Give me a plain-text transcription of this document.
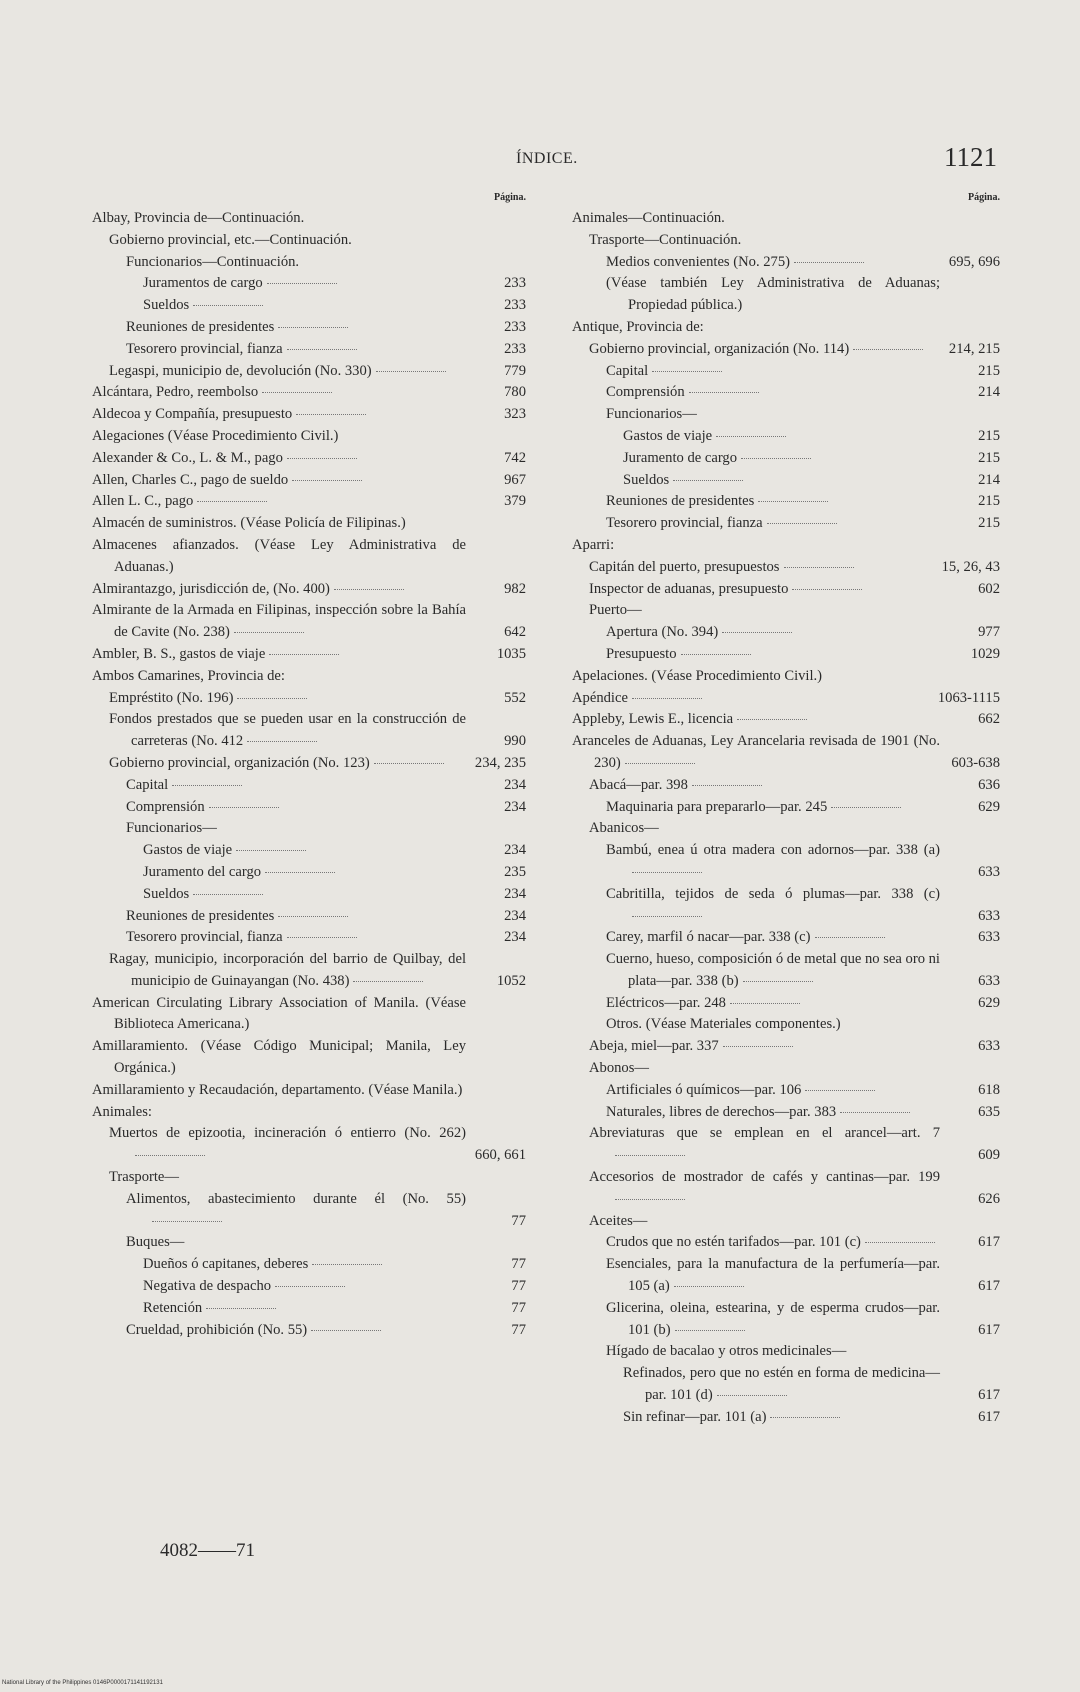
ÍNDICE.	1121
Página.
Albay, Provincia de—Continuación.
Gobierno provincial, etc.—Continuación.
Funcionarios—Continuación.
Juramentos de cargo	233
Sueldos	233
Reuniones de presidentes	233
Tesorero provincial, fianza	233
Legaspi, municipio de, devolución (No. 330)	779
Alcántara, Pedro, reembolso	780
Aldecoa y Compañía, presupuesto	323
Alegaciones (Véase Procedimiento Civil.)
Alexander & Co., L. & M., pago	742
Allen, Charles C., pago de sueldo	967
Allen L. C., pago	379
Almacén de suministros. (Véase Policía de Filipinas.)
Almacenes afianzados. (Véase Ley Administrativa de Aduanas.)
Almirantazgo, jurisdicción de, (No. 400)	982
Almirante de la Armada en Filipinas, inspección sobre la Bahía de Cavite (No. 238)	642
Ambler, B. S., gastos de viaje	1035
Ambos Camarines, Provincia de:
Empréstito (No. 196)	552
Fondos prestados que se pueden usar en la construcción de carreteras (No. 412	990
Gobierno provincial, organización (No. 123)	234, 235
Capital	234
Comprensión	234
Funcionarios—
Gastos de viaje	234
Juramento del cargo	235
Sueldos	234
Reuniones de presidentes	234
Tesorero provincial, fianza	234
Ragay, municipio, incorporación del barrio de Quilbay, del municipio de Guinayangan (No. 438)	1052
American Circulating Library Association of Manila. (Véase Biblioteca Americana.)
Amillaramiento. (Véase Código Municipal; Manila, Ley Orgánica.)
Amillaramiento y Recaudación, departamento. (Véase Manila.)
Animales:
Muertos de epizootia, incineración ó entierro (No. 262)
660, 661
Trasporte—
Alimentos, abastecimiento durante él (No. 55)
77
Buques—
Dueños ó capitanes, deberes	77
Negativa de despacho	77
Retención	77
Crueldad, prohibición (No. 55)	77
Página.
Animales—Continuación.
Trasporte—Continuación.
Medios convenientes (No. 275)	695, 696
(Véase también Ley Administrativa de Aduanas; Propiedad pública.)
Antique, Provincia de:
Gobierno provincial, organización (No. 114)	214, 215
Capital	215
Comprensión	214
Funcionarios—
Gastos de viaje	215
Juramento de cargo	215
Sueldos	214
Reuniones de presidentes	215
Tesorero provincial, fianza	215
Aparri:
Capitán del puerto, presupuestos	15, 26, 43
Inspector de aduanas, presupuesto	602
Puerto—
Apertura (No. 394)	977
Presupuesto	1029
Apelaciones. (Véase Procedimiento Civil.)
Apéndice	1063-1115
Appleby, Lewis E., licencia	662
Aranceles de Aduanas, Ley Arancelaria revisada de 1901 (No. 230)	603-638
Abacá—par. 398	636
Maquinaria para prepararlo—par. 245	629
Abanicos—
Bambú, enea ú otra madera con adornos—par. 338 (a)
633
Cabritilla, tejidos de seda ó plumas—par. 338 (c)
633
Carey, marfil ó nacar—par. 338 (c)	633
Cuerno, hueso, composición ó de metal que no sea oro ni plata—par. 338 (b)	633
Eléctricos—par. 248	629
Otros. (Véase Materiales componentes.)
Abeja, miel—par. 337	633
Abonos—
Artificiales ó químicos—par. 106	618
Naturales, libres de derechos—par. 383	635
Abreviaturas que se emplean en el arancel—art. 7
609
Accesorios de mostrador de cafés y cantinas—par. 199
626
Aceites—
Crudos que no estén tarifados—par. 101 (c)	617
Esenciales, para la manufactura de la perfumería—par. 105 (a)	617
Glicerina, oleina, estearina, y de esperma crudos—par. 101 (b)	617
Hígado de bacalao y otros medicinales—
Refinados, pero que no estén en forma de medicina—par. 101 (d)	617
Sin refinar—par. 101 (a)	617
4082——71
National Library of the Philippines 0146P0000171141192131
